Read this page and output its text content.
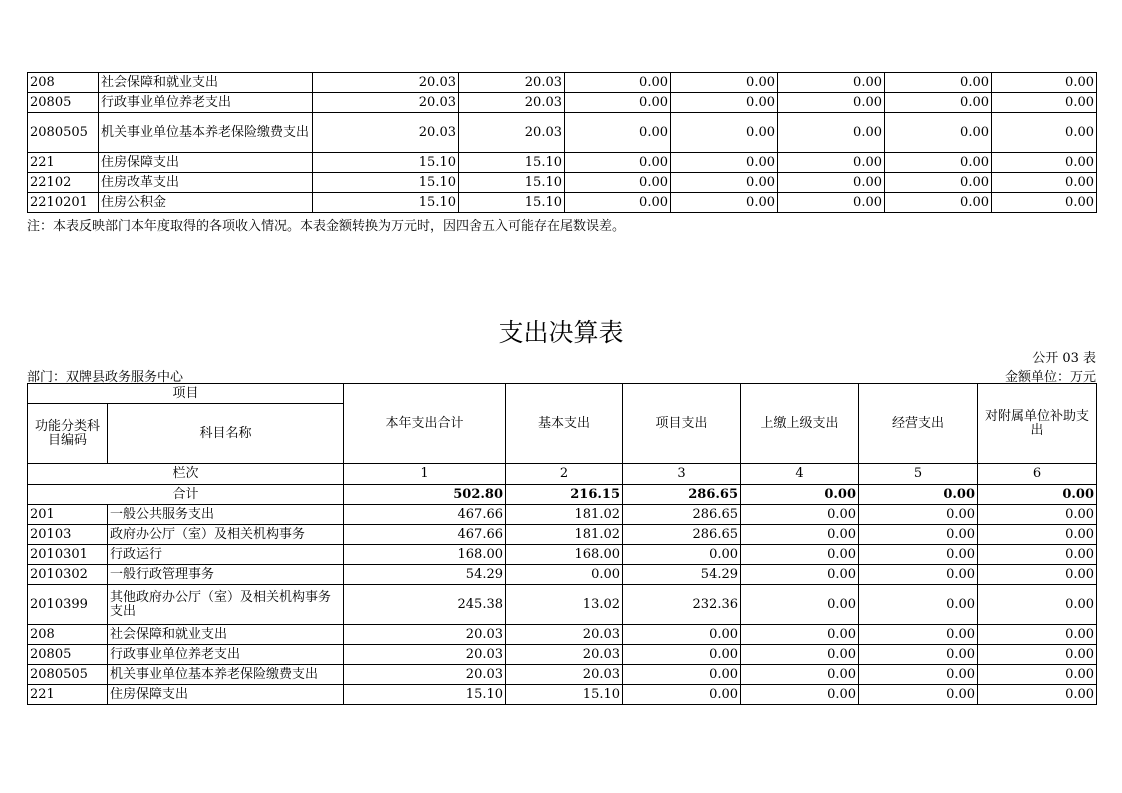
208	社会保障和就业支出	20.03	20.03	0.00	0.00	0.00	0.00	0.00
20805	行政事业单位养老支出	20.03	20.03	0.00	0.00	0.00	0.00	0.00
2080505	机关事业单位基本养老保险缴费支出	20.03	20.03	0.00	0.00	0.00	0.00	0.00
221	住房保障支出	15.10	15.10	0.00	0.00	0.00	0.00	0.00
22102	住房改革支出	15.10	15.10	0.00	0.00	0.00	0.00	0.00
2210201	住房公积金	15.10	15.10	0.00	0.00	0.00	0.00	0.00
注：本表反映部门本年度取得的各项收入情况。本表金额转换为万元时，因四舍五入可能存在尾数误差。
支出决算表
公开 03 表
部门：双牌县政务服务中心	金额单位：万元
项目		本年支出合计	基本支出	项目支出	上缴上级支出	经营支出	对附属单位补助支出
功能分类科目编码	科目名称						
栏次		1	2	3	4	5	6
合计		502.80	216.15	286.65	0.00	0.00	0.00
201	一般公共服务支出	467.66	181.02	286.65	0.00	0.00	0.00
20103	政府办公厅（室）及相关机构事务	467.66	181.02	286.65	0.00	0.00	0.00
2010301	行政运行	168.00	168.00	0.00	0.00	0.00	0.00
2010302	一般行政管理事务	54.29	0.00	54.29	0.00	0.00	0.00
2010399	其他政府办公厅（室）及相关机构事务支出	245.38	13.02	232.36	0.00	0.00	0.00
208	社会保障和就业支出	20.03	20.03	0.00	0.00	0.00	0.00
20805	行政事业单位养老支出	20.03	20.03	0.00	0.00	0.00	0.00
2080505	机关事业单位基本养老保险缴费支出	20.03	20.03	0.00	0.00	0.00	0.00
221	住房保障支出	15.10	15.10	0.00	0.00	0.00	0.00
